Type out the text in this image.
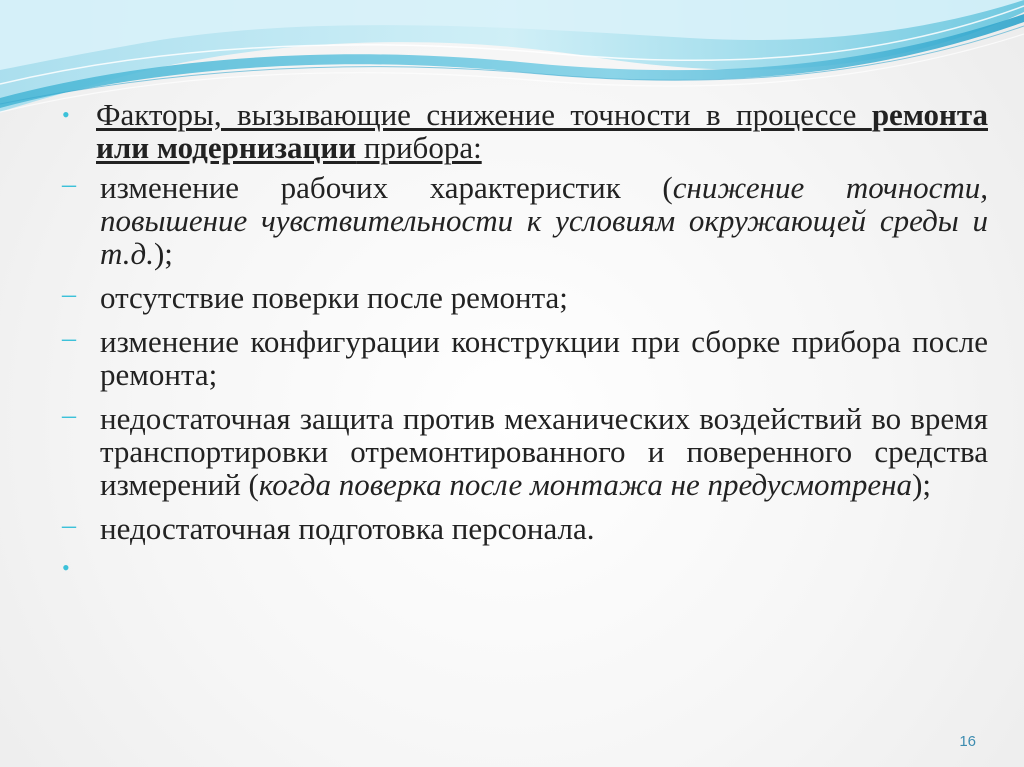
• Факторы, вызывающие снижение точности в процессе ремонта или модернизации прибора:
– изменение рабочих характеристик (снижение точности, повышение чувствительности к условиям окружающей среды и т.д.);
– отсутствие поверки после ремонта;
– изменение конфигурации конструкции при сборке прибора после ремонта;
– недостаточная защита против механических воздействий во время транспортировки отремонтированного и поверенного средства измерений (когда поверка после монтажа не предусмотрена);
– недостаточная подготовка персонала.
•
16
